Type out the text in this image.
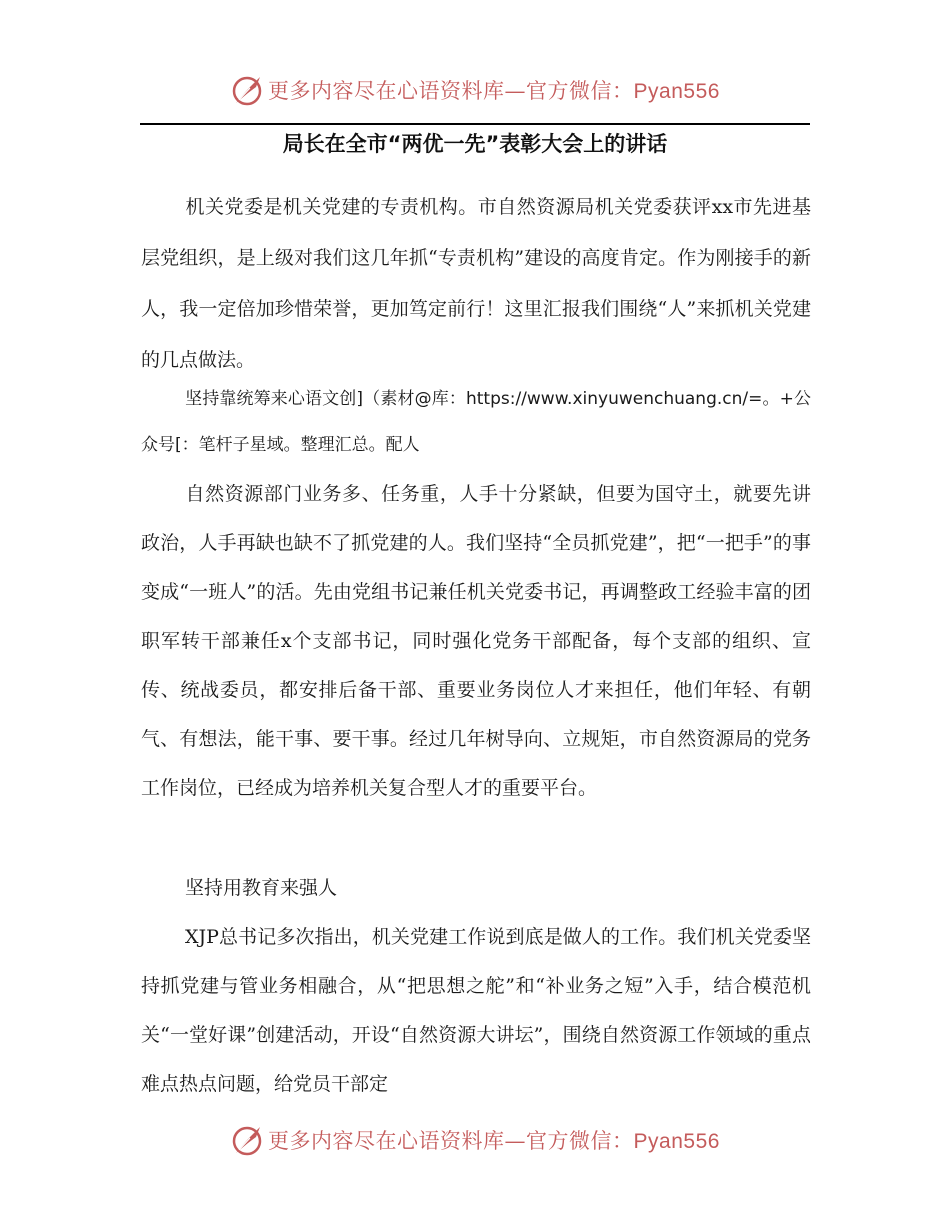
更多内容尽在心语资料库—官方微信：Pyan556
局长在全市“两优一先”表彰大会上的讲话

机关党委是机关党建的专责机构。市自然资源局机关党委获评xx市先进基层党组织，是上级对我们这几年抓“专责机构”建设的高度肯定。作为刚接手的新人，我一定倍加珍惜荣誉，更加笃定前行！这里汇报我们围绕“人”来抓机关党建的几点做法。

坚持靠统筹来心语文创]（素材@库：https://www.xinyuwenchuang.cn/=。+公众号[：笔杆子星域。整理汇总。配人

自然资源部门业务多、任务重，人手十分紧缺，但要为国守土，就要先讲政治，人手再缺也缺不了抓党建的人。我们坚持“全员抓党建”，把“一把手”的事变成“一班人”的活。先由党组书记兼任机关党委书记，再调整政工经验丰富的团职军转干部兼任x个支部书记，同时强化党务干部配备，每个支部的组织、宣传、统战委员，都安排后备干部、重要业务岗位人才来担任，他们年轻、有朝气、有想法，能干事、要干事。经过几年树导向、立规矩，市自然资源局的党务工作岗位，已经成为培养机关复合型人才的重要平台。

坚持用教育来强人

XJP总书记多次指出，机关党建工作说到底是做人的工作。我们机关党委坚持抓党建与管业务相融合，从“把思想之舵”和“补业务之短”入手，结合模范机关“一堂好课”创建活动，开设“自然资源大讲坛”，围绕自然资源工作领域的重点难点热点问题，给党员干部定

更多内容尽在心语资料库—官方微信：Pyan556
